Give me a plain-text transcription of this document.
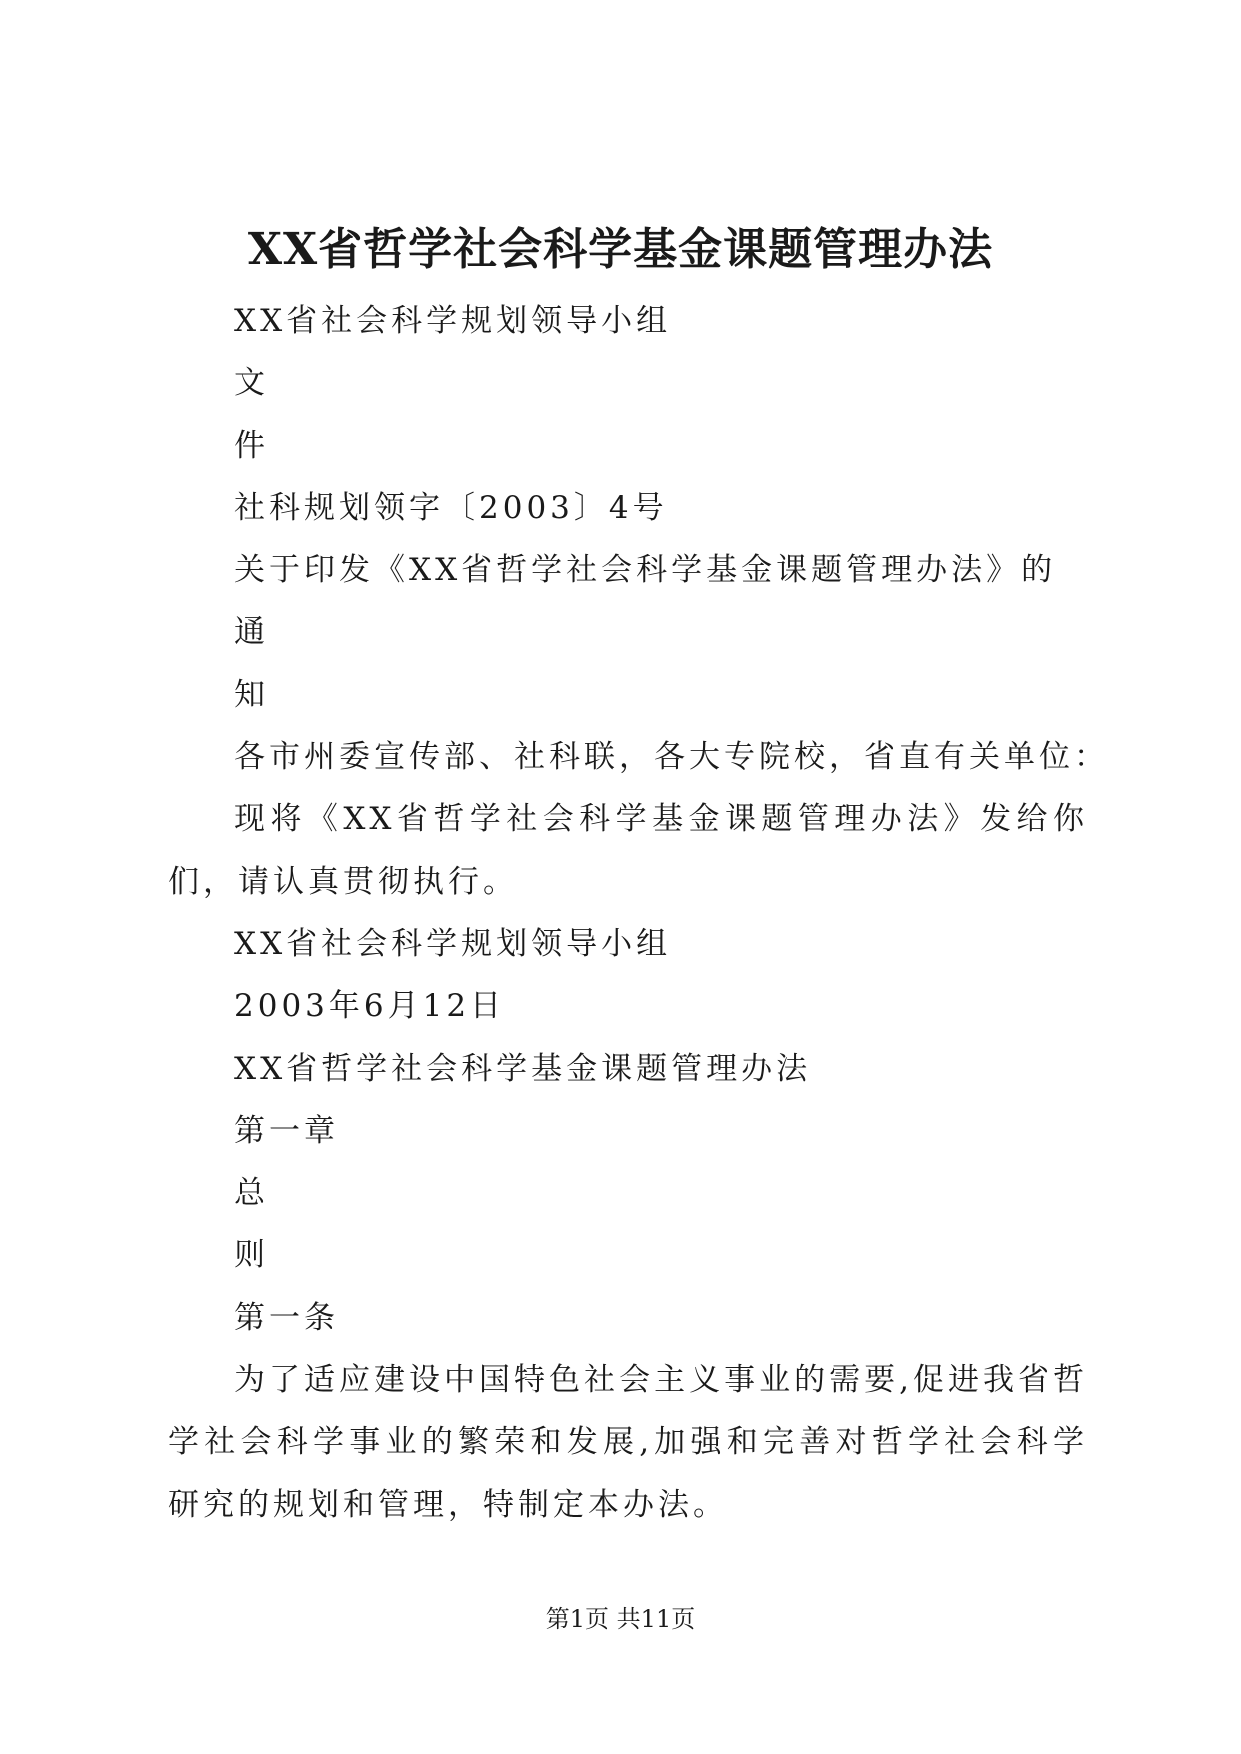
XX省哲学社会科学基金课题管理办法
XX省社会科学规划领导小组
文
件
社科规划领字〔2003〕4号
关于印发《XX省哲学社会科学基金课题管理办法》的
通
知
各市州委宣传部、社科联，各大专院校，省直有关单位：
现将《XX省哲学社会科学基金课题管理办法》发给你们，请认真贯彻执行。
XX省社会科学规划领导小组
2003年6月12日
XX省哲学社会科学基金课题管理办法
第一章
总
则
第一条
为了适应建设中国特色社会主义事业的需要,促进我省哲学社会科学事业的繁荣和发展,加强和完善对哲学社会科学研究的规划和管理，特制定本办法。
第1页 共11页
